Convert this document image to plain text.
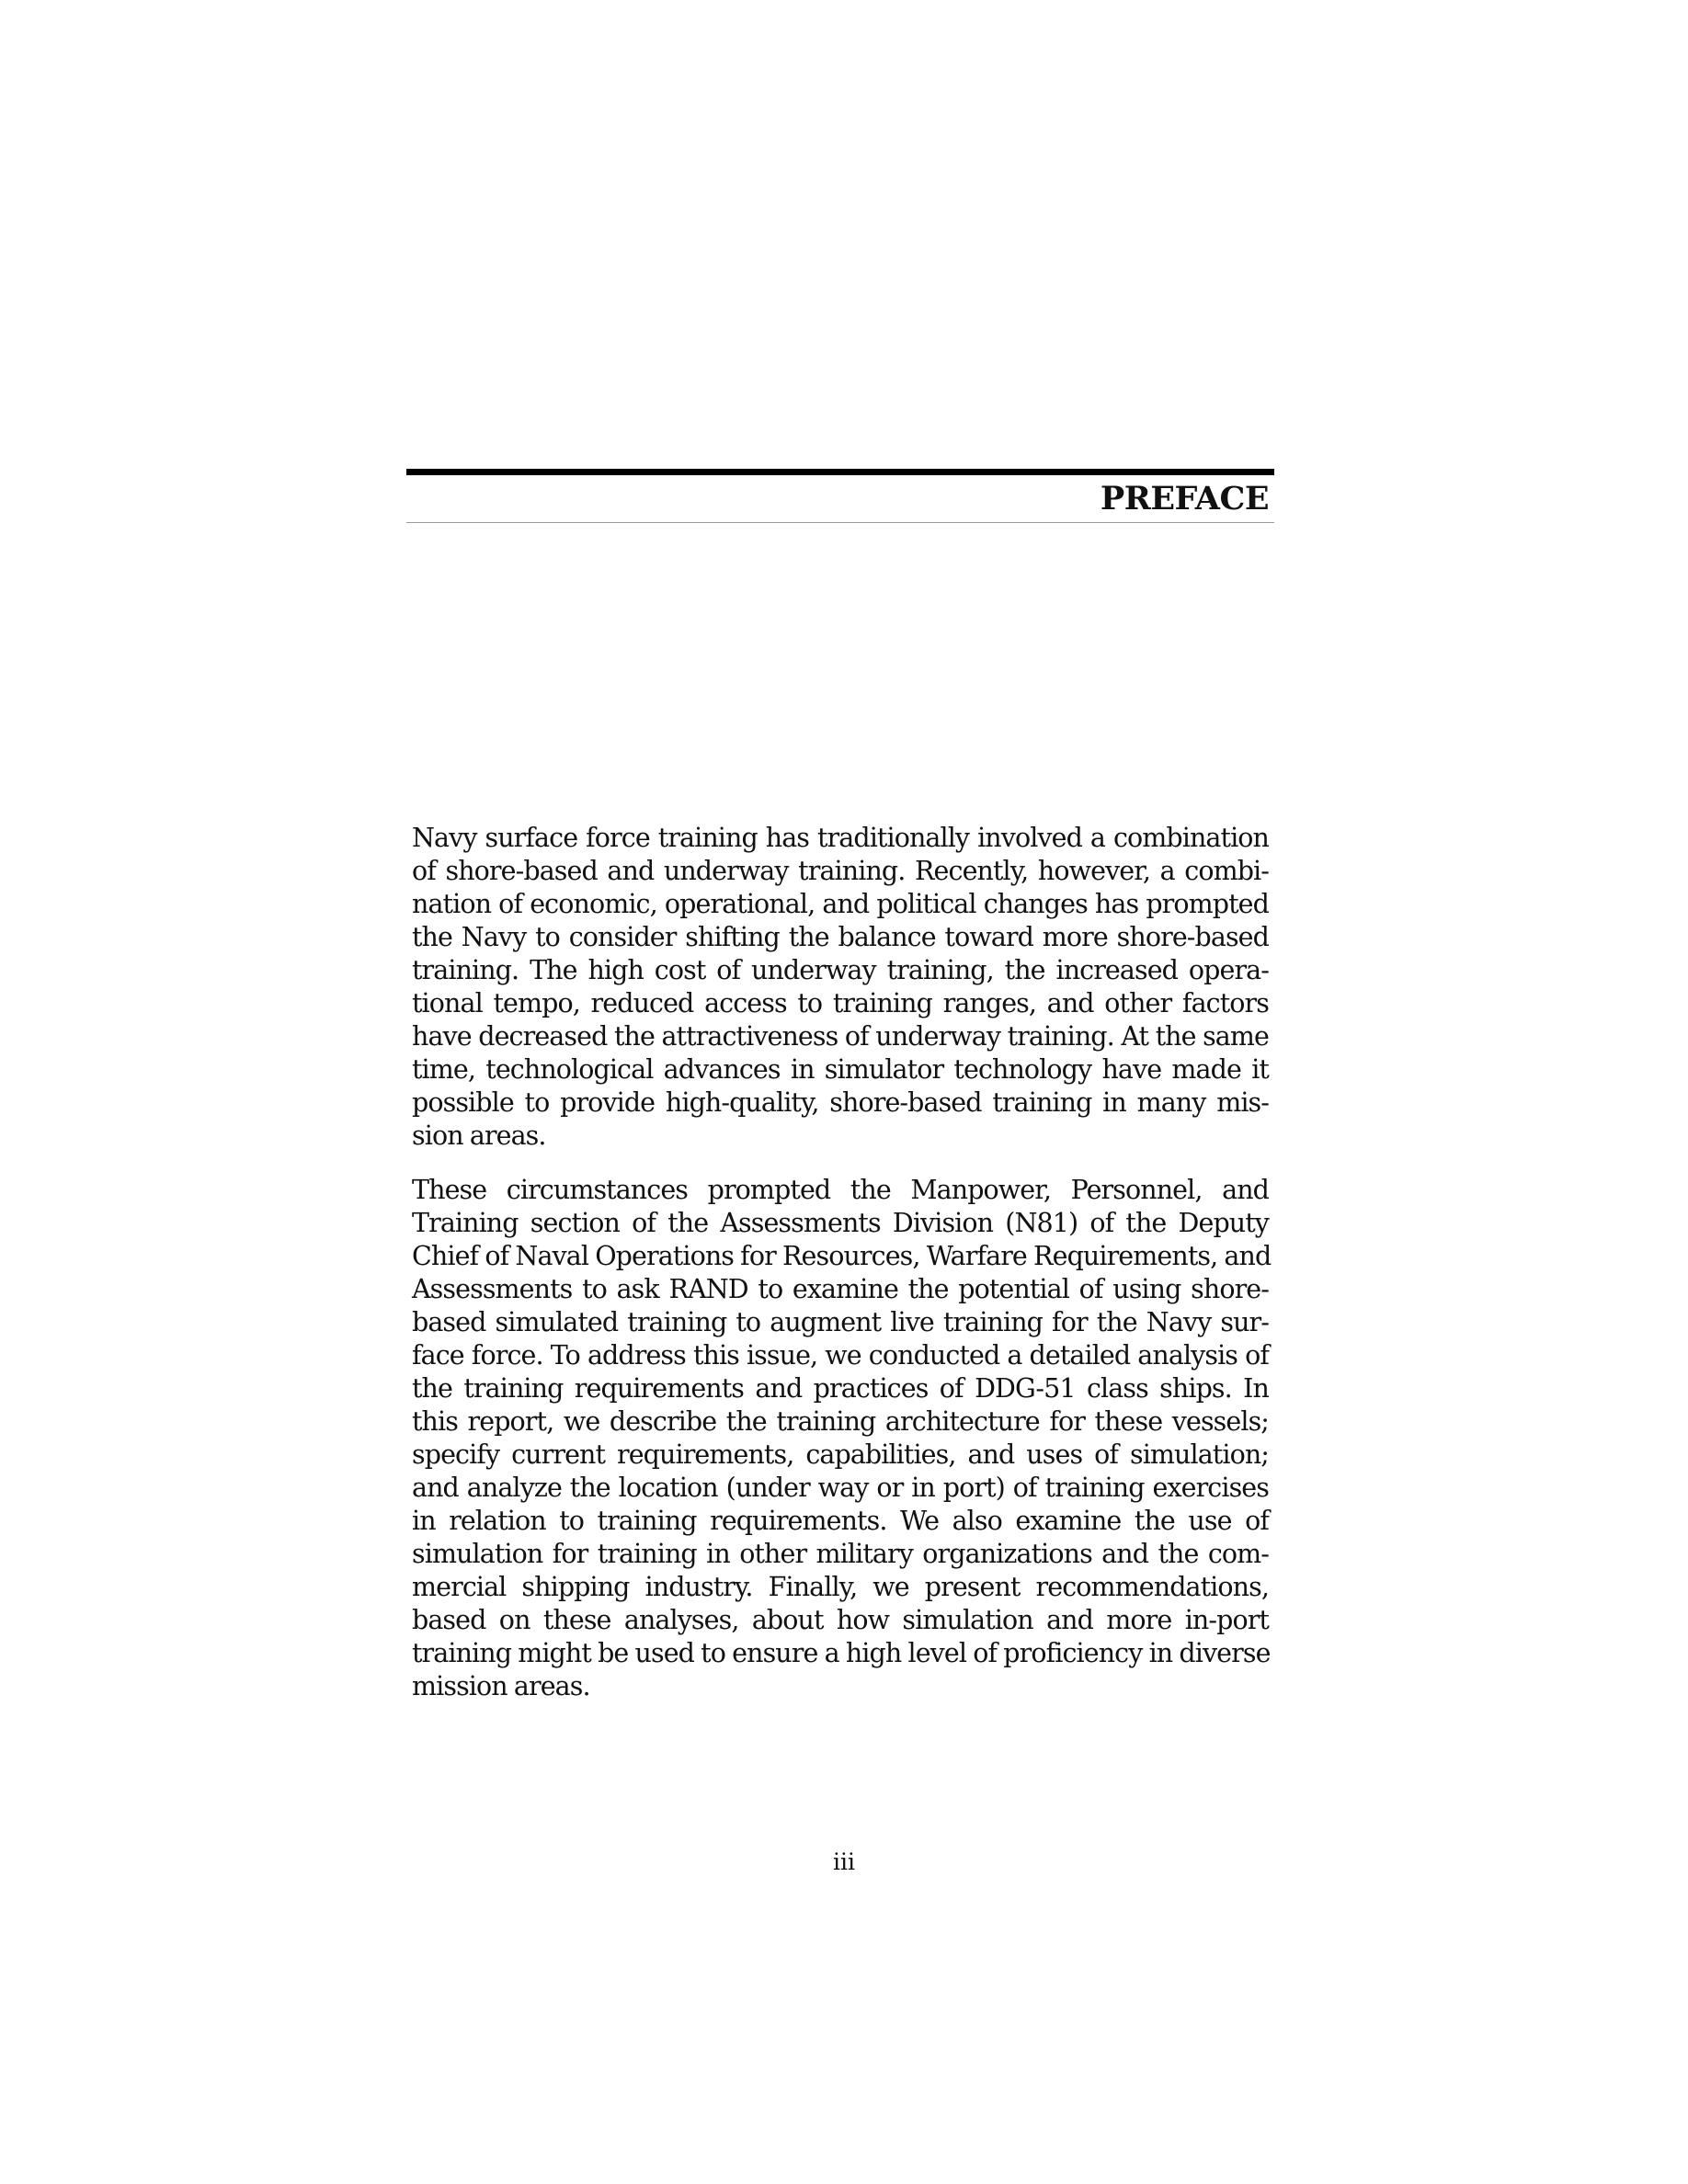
PREFACE
Navy surface force training has traditionally involved a combination
of shore-based and underway training. Recently, however, a combi-
nation of economic, operational, and political changes has prompted
the Navy to consider shifting the balance toward more shore-based
training. The high cost of underway training, the increased opera-
tional tempo, reduced access to training ranges, and other factors
have decreased the attractiveness of underway training. At the same
time, technological advances in simulator technology have made it
possible to provide high-quality, shore-based training in many mis-
sion areas.
These circumstances prompted the Manpower, Personnel, and
Training section of the Assessments Division (N81) of the Deputy
Chief of Naval Operations for Resources, Warfare Requirements, and
Assessments to ask RAND to examine the potential of using shore-
based simulated training to augment live training for the Navy sur-
face force. To address this issue, we conducted a detailed analysis of
the training requirements and practices of DDG-51 class ships. In
this report, we describe the training architecture for these vessels;
specify current requirements, capabilities, and uses of simulation;
and analyze the location (under way or in port) of training exercises
in relation to training requirements. We also examine the use of
simulation for training in other military organizations and the com-
mercial shipping industry. Finally, we present recommendations,
based on these analyses, about how simulation and more in-port
training might be used to ensure a high level of proficiency in diverse
mission areas.
iii
